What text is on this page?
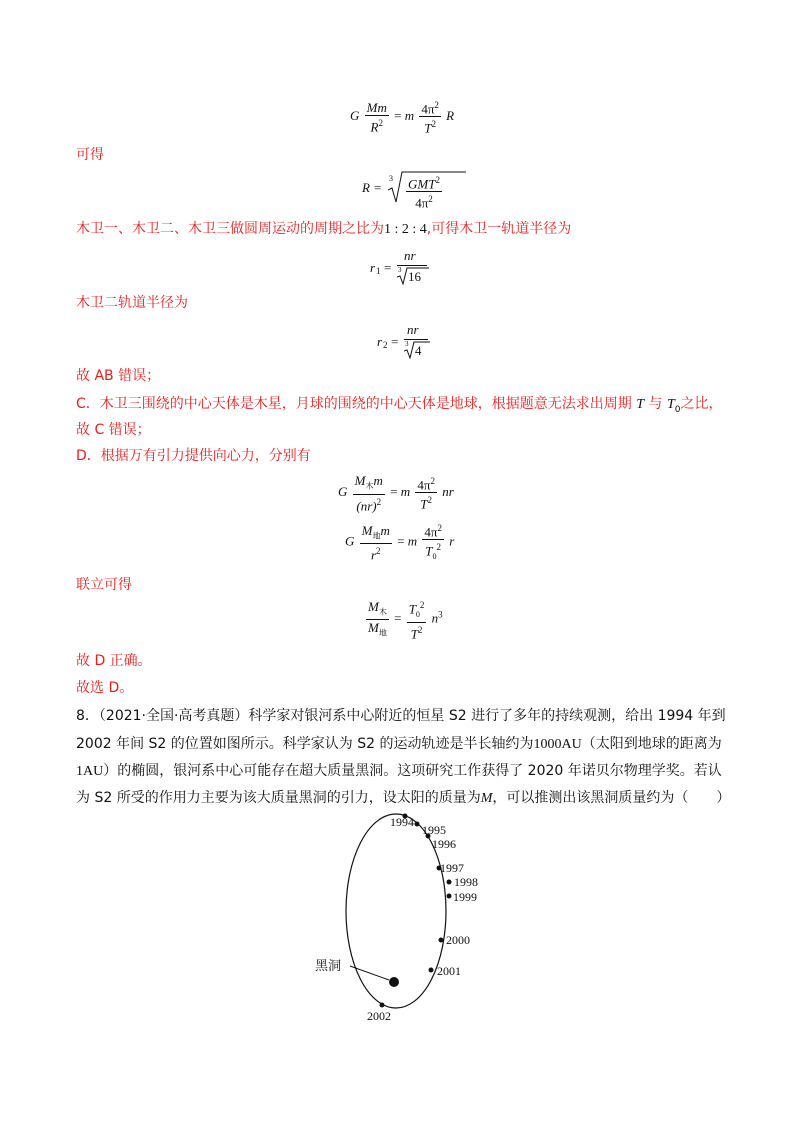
G $\frac{Mm}{R^2} = m \frac{4\pi^2}{T^2}$ R
可得
R =
3 GMT$^2$
$4\pi^2$
木卫一、木卫二、木卫三做圆周运动的周期之比为1 : 2 : 4,可得木卫一轨道半径为
r 1 =
nr
3 16
木卫二轨道半径为
r 2 =
nr
3 4
故 AB 错误；
C．木卫三围绕的中心天体是木星，月球的围绕的中心天体是地球，根据题意无法求出周期 T 与 $T_0$之比，
故 C 错误；
D．根据万有引力提供向心力，分别有
G $\frac{M_木m}{(nr)^2} = m \frac{4\pi^2}{T^2}$ nr
G $\frac{M_地m}{r^2} = m \frac{4\pi^2}{T_0^2}$ r
联立可得
$\frac{M_木}{M_地} = \frac{T_0^2}{T^2} n^3$
故 D 正确。
故选 D。
8．（2021·全国·高考真题）科学家对银河系中心附近的恒星 S2 进行了多年的持续观测，给出 1994 年到
2002 年间 S2 的位置如图所示。科学家认为 S2 的运动轨迹是半长轴约为1000AU（太阳到地球的距离为
1AU）的椭圆，银河系中心可能存在超大质量黑洞。这项研究工作获得了 2020 年诺贝尔物理学奖。若认
为 S2 所受的作用力主要为该大质量黑洞的引力，设太阳的质量为M，可以推测出该黑洞质量约为（　　）
1994
1995
1996
1997
1998
1999
2000
2001
2002
黑洞
